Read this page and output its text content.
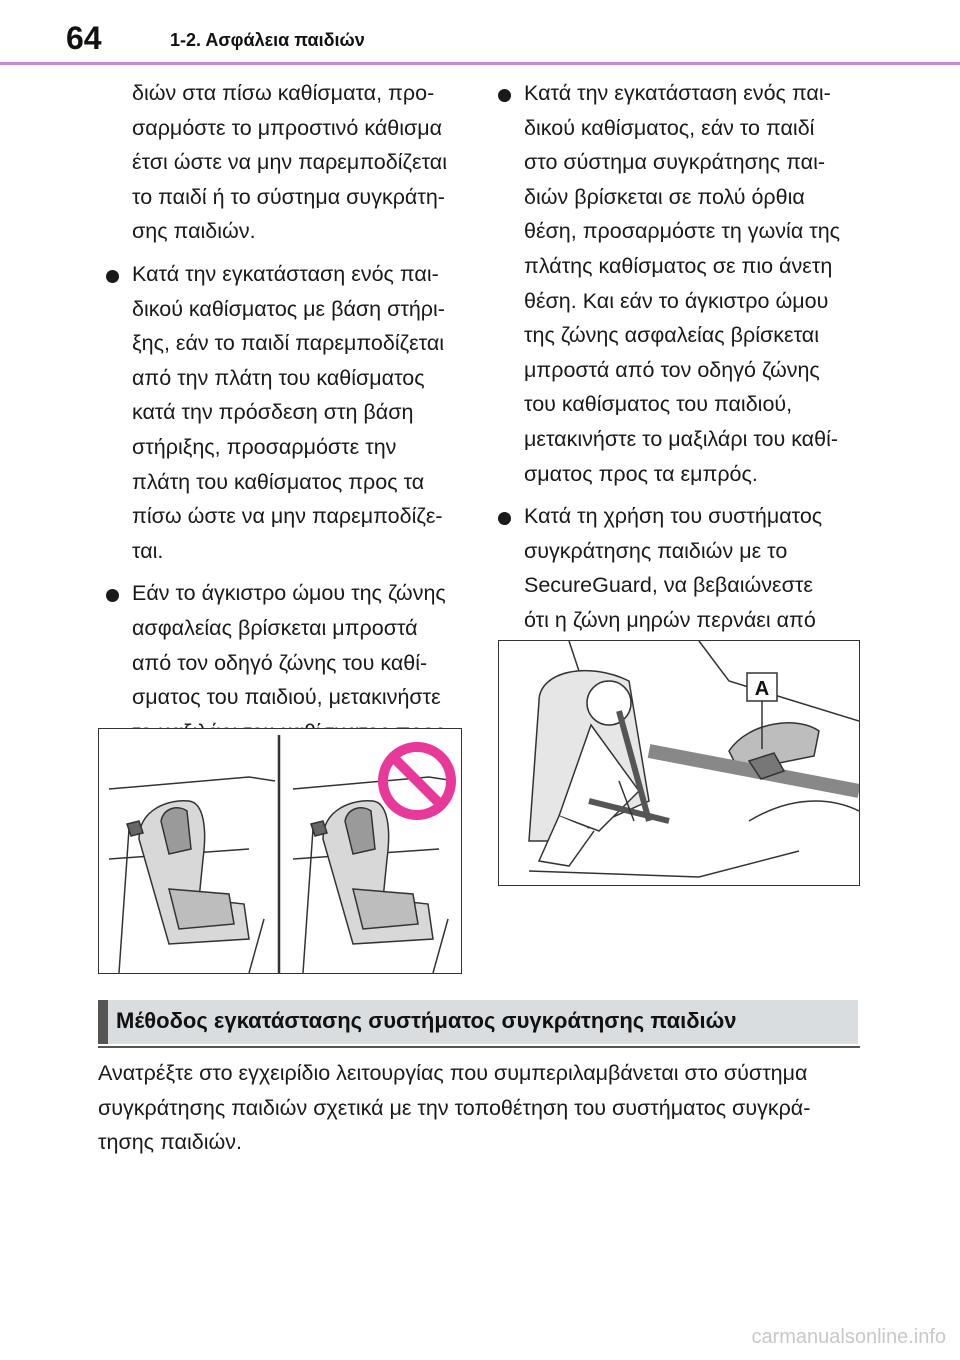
64	1-2. Ασφάλεια παιδιών

διών στα πίσω καθίσματα, προ-
σαρμόστε το μπροστινό κάθισμα
έτσι ώστε να μην παρεμποδίζεται
το παιδί ή το σύστημα συγκράτη-
σης παιδιών.

Κατά την εγκατάσταση ενός παι-
δικού καθίσματος με βάση στήρι-
ξης, εάν το παιδί παρεμποδίζεται
από την πλάτη του καθίσματος
κατά την πρόσδεση στη βάση
στήριξης, προσαρμόστε την
πλάτη του καθίσματος προς τα
πίσω ώστε να μην παρεμποδίζε-
ται.

Εάν το άγκιστρο ώμου της ζώνης
ασφαλείας βρίσκεται μπροστά
από τον οδηγό ζώνης του καθί-
σματος του παιδιού, μετακινήστε

Κατά την εγκατάσταση ενός παι-
δικού καθίσματος, εάν το παιδί
στο σύστημα συγκράτησης παι-
διών βρίσκεται σε πολύ όρθια
θέση, προσαρμόστε τη γωνία της
πλάτης καθίσματος σε πιο άνετη
θέση. Και εάν το άγκιστρο ώμου
της ζώνης ασφαλείας βρίσκεται
μπροστά από τον οδηγό ζώνης
του καθίσματος του παιδιού,
μετακινήστε το μαξιλάρι του καθί-
σματος προς τα εμπρός.

Κατά τη χρήση του συστήματος
συγκράτησης παιδιών με το
SecureGuard, να βεβαιώνεστε
ότι η ζώνη μηρών περνάει από

A
Μέθοδος εγκατάστασης συστήματος συγκράτησης παιδιών
Ανατρέξτε στο εγχειρίδιο λειτουργίας που συμπεριλαμβάνεται στο σύστημα
συγκράτησης παιδιών σχετικά με την τοποθέτηση του συστήματος συγκρά-
τησης παιδιών.
carmanualsonline.info
